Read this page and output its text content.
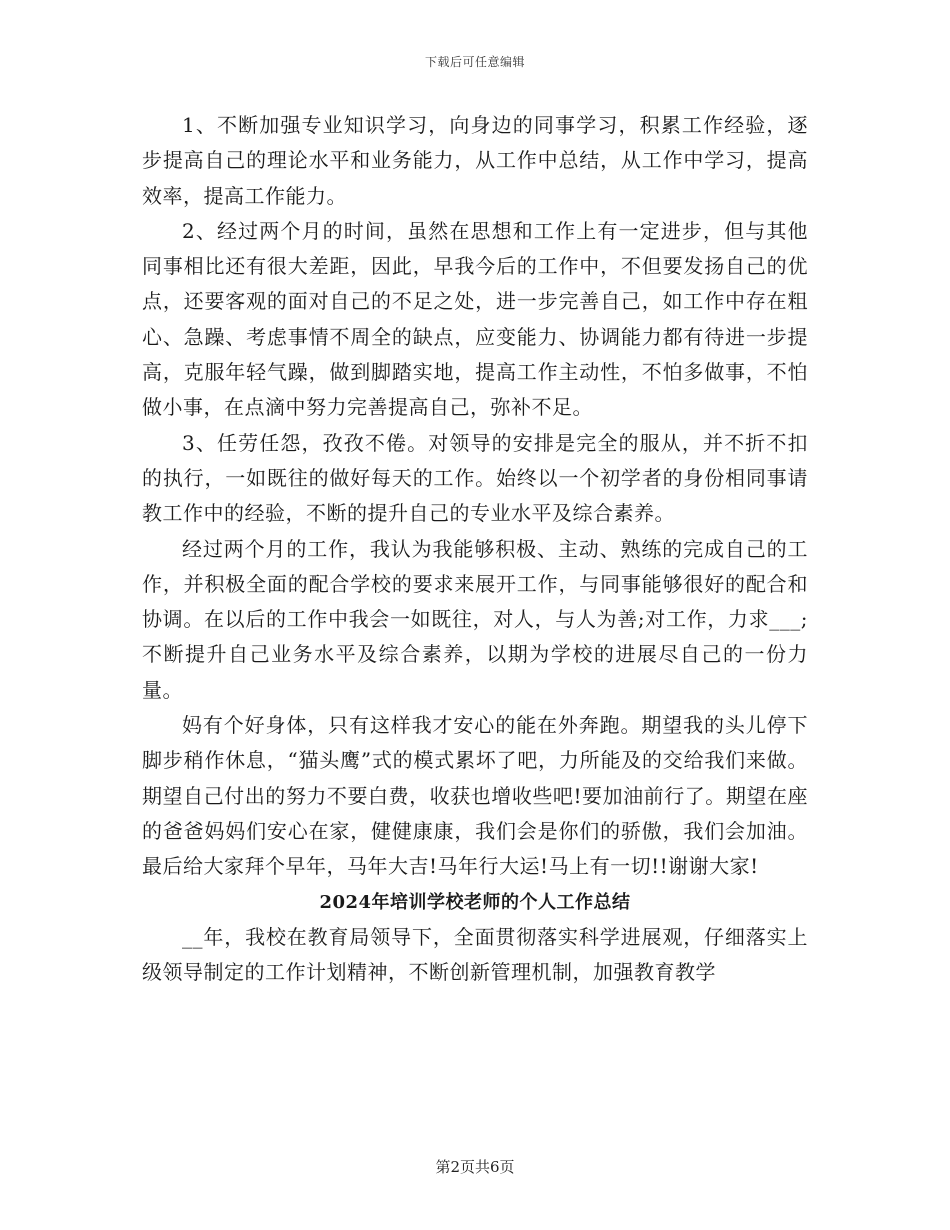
下载后可任意编辑

1、不断加强专业知识学习，向身边的同事学习，积累工作经验，逐步提高自己的理论水平和业务能力，从工作中总结，从工作中学习，提高效率，提高工作能力。

2、经过两个月的时间，虽然在思想和工作上有一定进步，但与其他同事相比还有很大差距，因此，早我今后的工作中，不但要发扬自己的优点，还要客观的面对自己的不足之处，进一步完善自己，如工作中存在粗心、急躁、考虑事情不周全的缺点，应变能力、协调能力都有待进一步提高，克服年轻气躁，做到脚踏实地，提高工作主动性，不怕多做事，不怕做小事，在点滴中努力完善提高自己，弥补不足。

3、任劳任怨，孜孜不倦。对领导的安排是完全的服从，并不折不扣的执行，一如既往的做好每天的工作。始终以一个初学者的身份相同事请教工作中的经验，不断的提升自己的专业水平及综合素养。

经过两个月的工作，我认为我能够积极、主动、熟练的完成自己的工作，并积极全面的配合学校的要求来展开工作，与同事能够很好的配合和协调。在以后的工作中我会一如既往，对人，与人为善;对工作，力求___;不断提升自己业务水平及综合素养，以期为学校的进展尽自己的一份力量。

妈有个好身体，只有这样我才安心的能在外奔跑。期望我的头儿停下脚步稍作休息，“猫头鹰”式的模式累坏了吧，力所能及的交给我们来做。期望自己付出的努力不要白费，收获也增收些吧!要加油前行了。期望在座的爸爸妈妈们安心在家，健健康康，我们会是你们的骄傲，我们会加油。最后给大家拜个早年，马年大吉!马年行大运!马上有一切!!谢谢大家!

2024年培训学校老师的个人工作总结

__年，我校在教育局领导下，全面贯彻落实科学进展观，仔细落实上级领导制定的工作计划精神，不断创新管理机制，加强教育教学

第2页共6页
